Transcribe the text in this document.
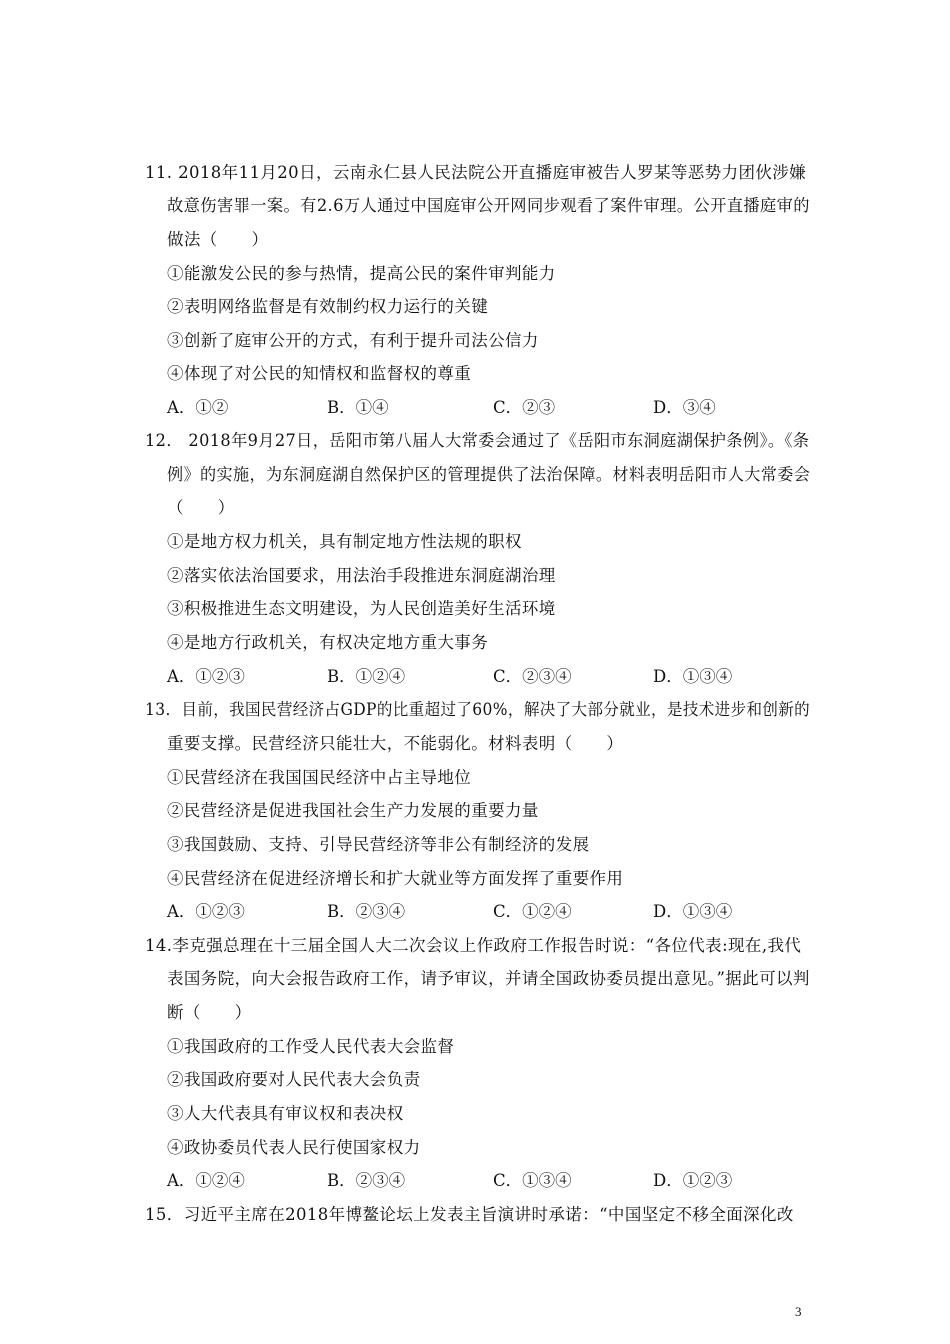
11. 2018年11月20日，云南永仁县人民法院公开直播庭审被告人罗某等恶势力团伙涉嫌
故意伤害罪一案。有2.6万人通过中国庭审公开网同步观看了案件审理。公开直播庭审的
做法（　　）
①能激发公民的参与热情，提高公民的案件审判能力
②表明网络监督是有效制约权力运行的关键
③创新了庭审公开的方式，有利于提升司法公信力
④体现了对公民的知情权和监督权的尊重
A．①②	B．①④	C．②③	D．③④
12． 2018年9月27日，岳阳市第八届人大常委会通过了《岳阳市东洞庭湖保护条例》。《条
例》的实施，为东洞庭湖自然保护区的管理提供了法治保障。材料表明岳阳市人大常委会
（　　）
①是地方权力机关，具有制定地方性法规的职权
②落实依法治国要求，用法治手段推进东洞庭湖治理
③积极推进生态文明建设，为人民创造美好生活环境
④是地方行政机关，有权决定地方重大事务
A．①②③	B．①②④	C．②③④	D．①③④
13．目前，我国民营经济占GDP的比重超过了60%，解决了大部分就业，是技术进步和创新的
重要支撑。民营经济只能壮大，不能弱化。材料表明（　　）
①民营经济在我国国民经济中占主导地位
②民营经济是促进我国社会生产力发展的重要力量
③我国鼓励、支持、引导民营经济等非公有制经济的发展
④民营经济在促进经济增长和扩大就业等方面发挥了重要作用
A．①②③	B．②③④	C．①②④	D．①③④
14.李克强总理在十三届全国人大二次会议上作政府工作报告时说：“各位代表:现在,我代
表国务院，向大会报告政府工作，请予审议，并请全国政协委员提出意见。”据此可以判
断（　　）
①我国政府的工作受人民代表大会监督
②我国政府要对人民代表大会负责
③人大代表具有审议权和表决权
④政协委员代表人民行使国家权力
A．①②④	B．②③④	C．①③④	D．①②③
15．习近平主席在2018年博鳌论坛上发表主旨演讲时承诺：“中国坚定不移全面深化改
3
